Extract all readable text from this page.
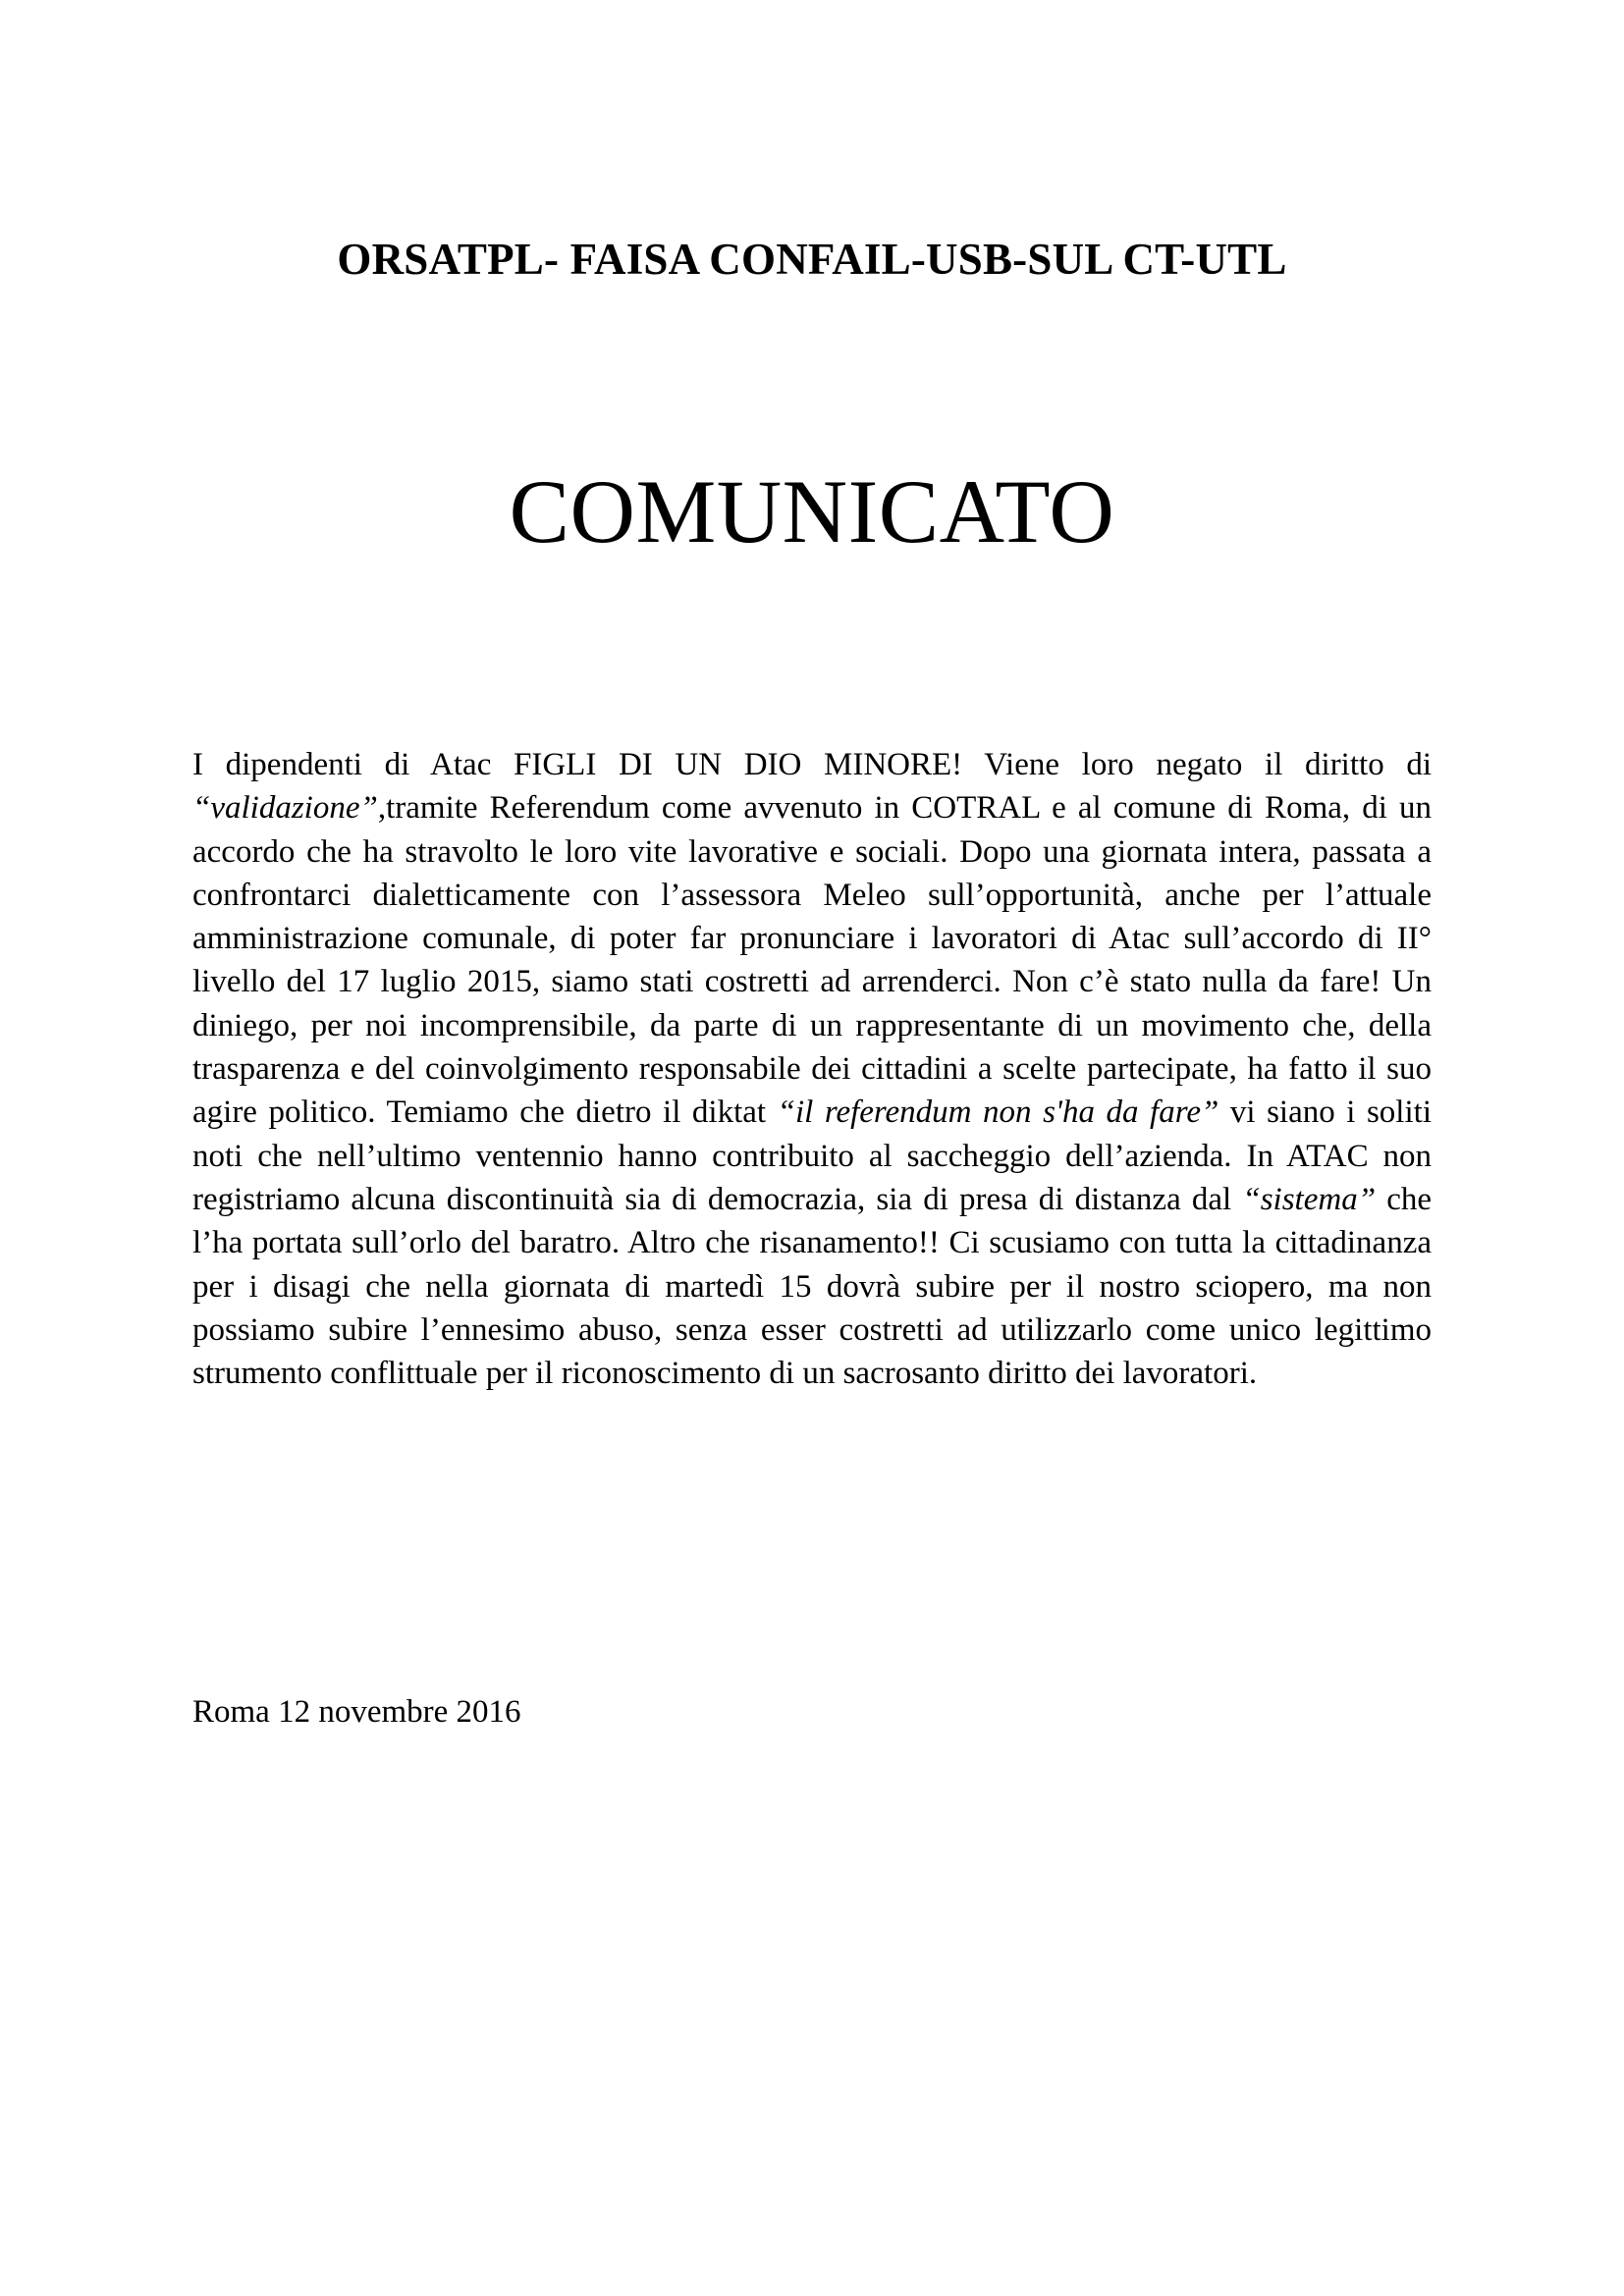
ORSATPL- FAISA CONFAIL-USB-SUL CT-UTL
COMUNICATO

I dipendenti di Atac FIGLI DI UN DIO MINORE! Viene loro negato il diritto di “validazione”,tramite Referendum come avvenuto in COTRAL e al comune di Roma, di un accordo che ha stravolto le loro vite lavorative e sociali. Dopo una giornata intera, passata a confrontarci dialetticamente con l’assessora Meleo sull’opportunità, anche per l’attuale amministrazione comunale, di poter far pronunciare i lavoratori di Atac sull’accordo di II° livello del 17 luglio 2015, siamo stati costretti ad arrenderci. Non c’è stato nulla da fare! Un diniego, per noi incomprensibile, da parte di un rappresentante di un movimento che, della trasparenza e del coinvolgimento responsabile dei cittadini a scelte partecipate, ha fatto il suo agire politico. Temiamo che dietro il diktat “il referendum non s'ha da fare” vi siano i soliti noti che nell’ultimo ventennio hanno contribuito al saccheggio dell’azienda. In ATAC non registriamo alcuna discontinuità sia di democrazia, sia di presa di distanza dal “sistema” che l’ha portata sull’orlo del baratro. Altro che risanamento!! Ci scusiamo con tutta la cittadinanza per i disagi che nella giornata di martedì 15 dovrà subire per il nostro sciopero, ma non possiamo subire l’ennesimo abuso, senza esser costretti ad utilizzarlo come unico legittimo strumento conflittuale per il riconoscimento di un sacrosanto diritto dei lavoratori.

Roma 12 novembre 2016
